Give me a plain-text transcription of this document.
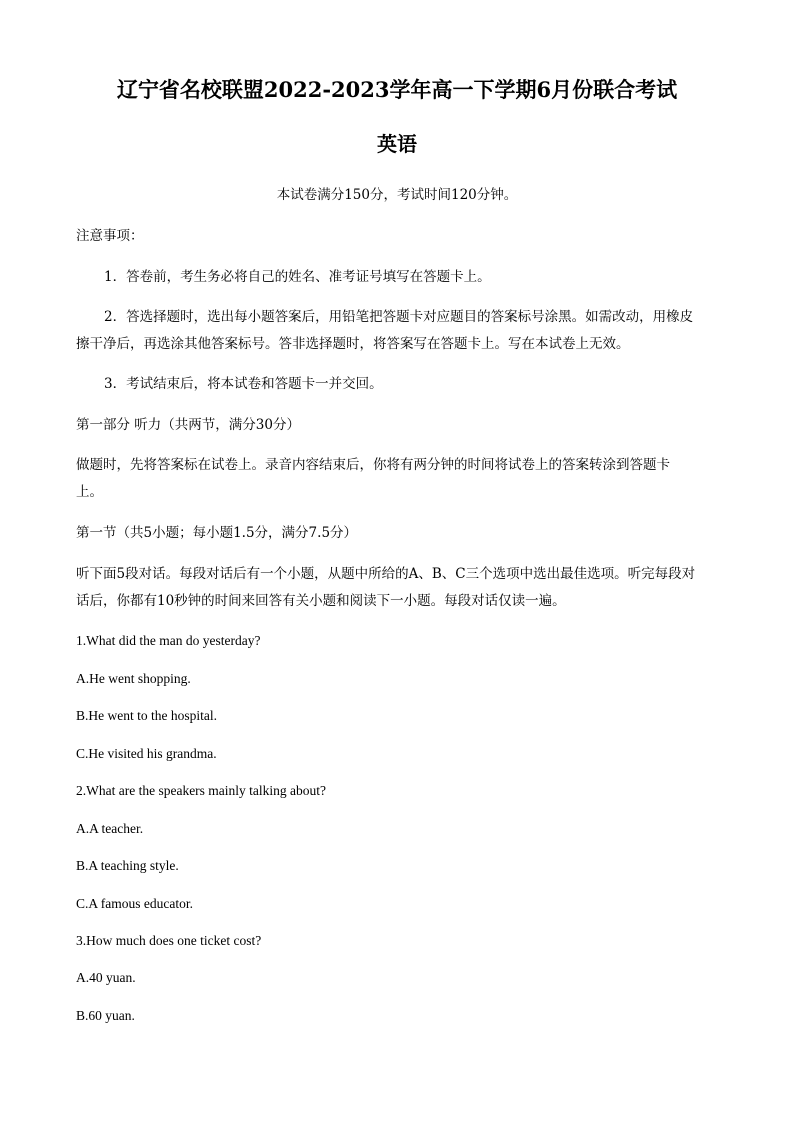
辽宁省名校联盟2022-2023学年高一下学期6月份联合考试
英语
本试卷满分150分，考试时间120分钟。
注意事项：
1．答卷前，考生务必将自己的姓名、准考证号填写在答题卡上。
2．答选择题时，选出每小题答案后，用铅笔把答题卡对应题目的答案标号涂黑。如需改动，用橡皮
擦干净后，再选涂其他答案标号。答非选择题时，将答案写在答题卡上。写在本试卷上无效。
3．考试结束后，将本试卷和答题卡一并交回。
第一部分 听力（共两节，满分30分）
做题时，先将答案标在试卷上。录音内容结束后，你将有两分钟的时间将试卷上的答案转涂到答题卡
上。
第一节（共5小题；每小题1.5分，满分7.5分）
听下面5段对话。每段对话后有一个小题，从题中所给的A、B、C三个选项中选出最佳选项。听完每段对
话后，你都有10秒钟的时间来回答有关小题和阅读下一小题。每段对话仅读一遍。
1.What did the man do yesterday?
A.He went shopping.
B.He went to the hospital.
C.He visited his grandma.
2.What are the speakers mainly talking about?
A.A teacher.
B.A teaching style.
C.A famous educator.
3.How much does one ticket cost?
A.40 yuan.
B.60 yuan.
